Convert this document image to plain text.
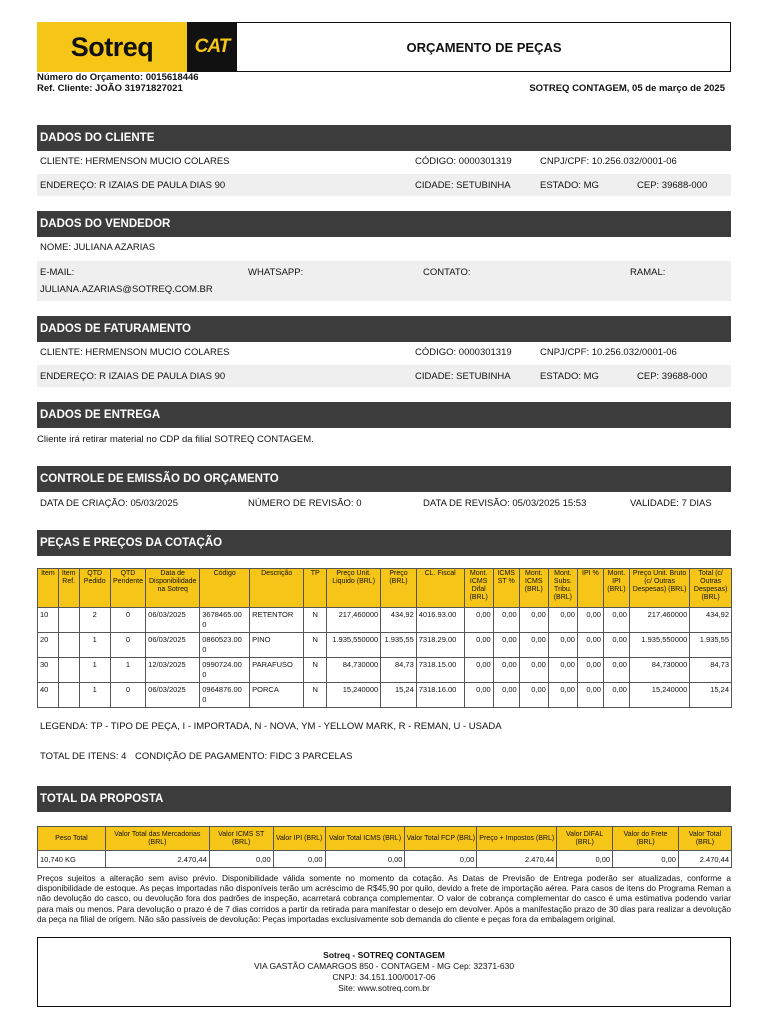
Sotreq CAT	ORÇAMENTO DE PEÇAS
Número do Orçamento: 0015618446
Ref. Cliente: JOÃO 31971827021	SOTREQ CONTAGEM, 05 de março de 2025
DADOS DO CLIENTE
CLIENTE: HERMENSON MUCIO COLARES	CÓDIGO: 0000301319	CNPJ/CPF: 10.256.032/0001-06
ENDEREÇO: R IZAIAS DE PAULA DIAS 90	CIDADE: SETUBINHA	ESTADO: MG	CEP: 39688-000
DADOS DO VENDEDOR
NOME: JULIANA AZARIAS
E-MAIL:	WHATSAPP:	CONTATO:	RAMAL:
JULIANA.AZARIAS@SOTREQ.COM.BR
DADOS DE FATURAMENTO
CLIENTE: HERMENSON MUCIO COLARES	CÓDIGO: 0000301319	CNPJ/CPF: 10.256.032/0001-06
ENDEREÇO: R IZAIAS DE PAULA DIAS 90	CIDADE: SETUBINHA	ESTADO: MG	CEP: 39688-000
DADOS DE ENTREGA
Cliente irá retirar material no CDP da filial SOTREQ CONTAGEM.
CONTROLE DE EMISSÃO DO ORÇAMENTO
DATA DE CRIAÇÃO: 05/03/2025	NÚMERO DE REVISÃO: 0	DATA DE REVISÃO: 05/03/2025 15:53	VALIDADE: 7 DIAS
PEÇAS E PREÇOS DA COTAÇÃO
Item	Item Ref.	QTD Pedido	QTD Pendente	Data de Disponibilidade na Sotreq	Código	Descrição	TP	Preço Unit. Liquido (BRL)	Preço (BRL)	CL. Fiscal	Mont. ICMS Difal (BRL)	ICMS ST %	Mont. ICMS (BRL)	Mont. Subs. Tribu. (BRL)	IPI %	Mont. IPI (BRL)	Preço Unit. Bruto (c/ Outras Despesas) (BRL)	Total (c/ Outras Despesas) (BRL)
10		2	0	06/03/2025	3678465.00 0	RETENTOR	N	217,460000	434,92	4016.93.00	0,00	0,00	0,00	0,00	0,00	0,00	217,460000	434,92
20		1	0	06/03/2025	0860523.00 0	PINO	N	1.935,550000	1.935,55	7318.29.00	0,00	0,00	0,00	0,00	0,00	0,00	1.935,550000	1.935,55
30		1	1	12/03/2025	0990724.00 0	PARAFUSO	N	84,730000	84,73	7318.15.00	0,00	0,00	0,00	0,00	0,00	0,00	84,730000	84,73
40		1	0	06/03/2025	0964876.00 0	PORCA	N	15,240000	15,24	7318.16.00	0,00	0,00	0,00	0,00	0,00	0,00	15,240000	15,24
LEGENDA: TP - TIPO DE PEÇA, I - IMPORTADA, N - NOVA, YM - YELLOW MARK, R - REMAN, U - USADA
TOTAL DE ITENS: 4 CONDIÇÃO DE PAGAMENTO: FIDC 3 PARCELAS
TOTAL DA PROPOSTA
Peso Total	Valor Total das Mercadorias (BRL)	Valor ICMS ST (BRL)	Valor IPI (BRL)	Valor Total ICMS (BRL)	Valor Total FCP (BRL)	Preço + Impostos (BRL)	Valor DIFAL (BRL)	Valor do Frete (BRL)	Valor Total (BRL)
10,740 KG	2.470,44	0,00	0,00	0,00	0,00	2.470,44	0,00	0,00	2.470,44
Preços sujeitos a alteração sem aviso prévio. Disponibilidade válida somente no momento da cotação. As Datas de Previsão de Entrega poderão ser atualizadas, conforme a disponibilidade de estoque. As peças importadas não disponíveis terão um acréscimo de R$45,90 por quilo, devido a frete de importação aérea. Para casos de itens do Programa Reman a não devolução do casco, ou devolução fora dos padrões de inspeção, acarretará cobrança complementar. O valor de cobrança complementar do casco é uma estimativa podendo variar para mais ou menos. Para devolução o prazo é de 7 dias corridos a partir da retirada para manifestar o desejo em devolver. Após a manifestação prazo de 30 dias para realizar a devolução da peça na filial de origem. Não são passíveis de devolução: Peças importadas exclusivamente sob demanda do cliente e peças fora da embalagem original.
Sotreq - SOTREQ CONTAGEM
VIA GASTÃO CAMARGOS 850 - CONTAGEM - MG Cep: 32371-630
CNPJ: 34.151.100/0017-06
Site: www.sotreq.com.br
